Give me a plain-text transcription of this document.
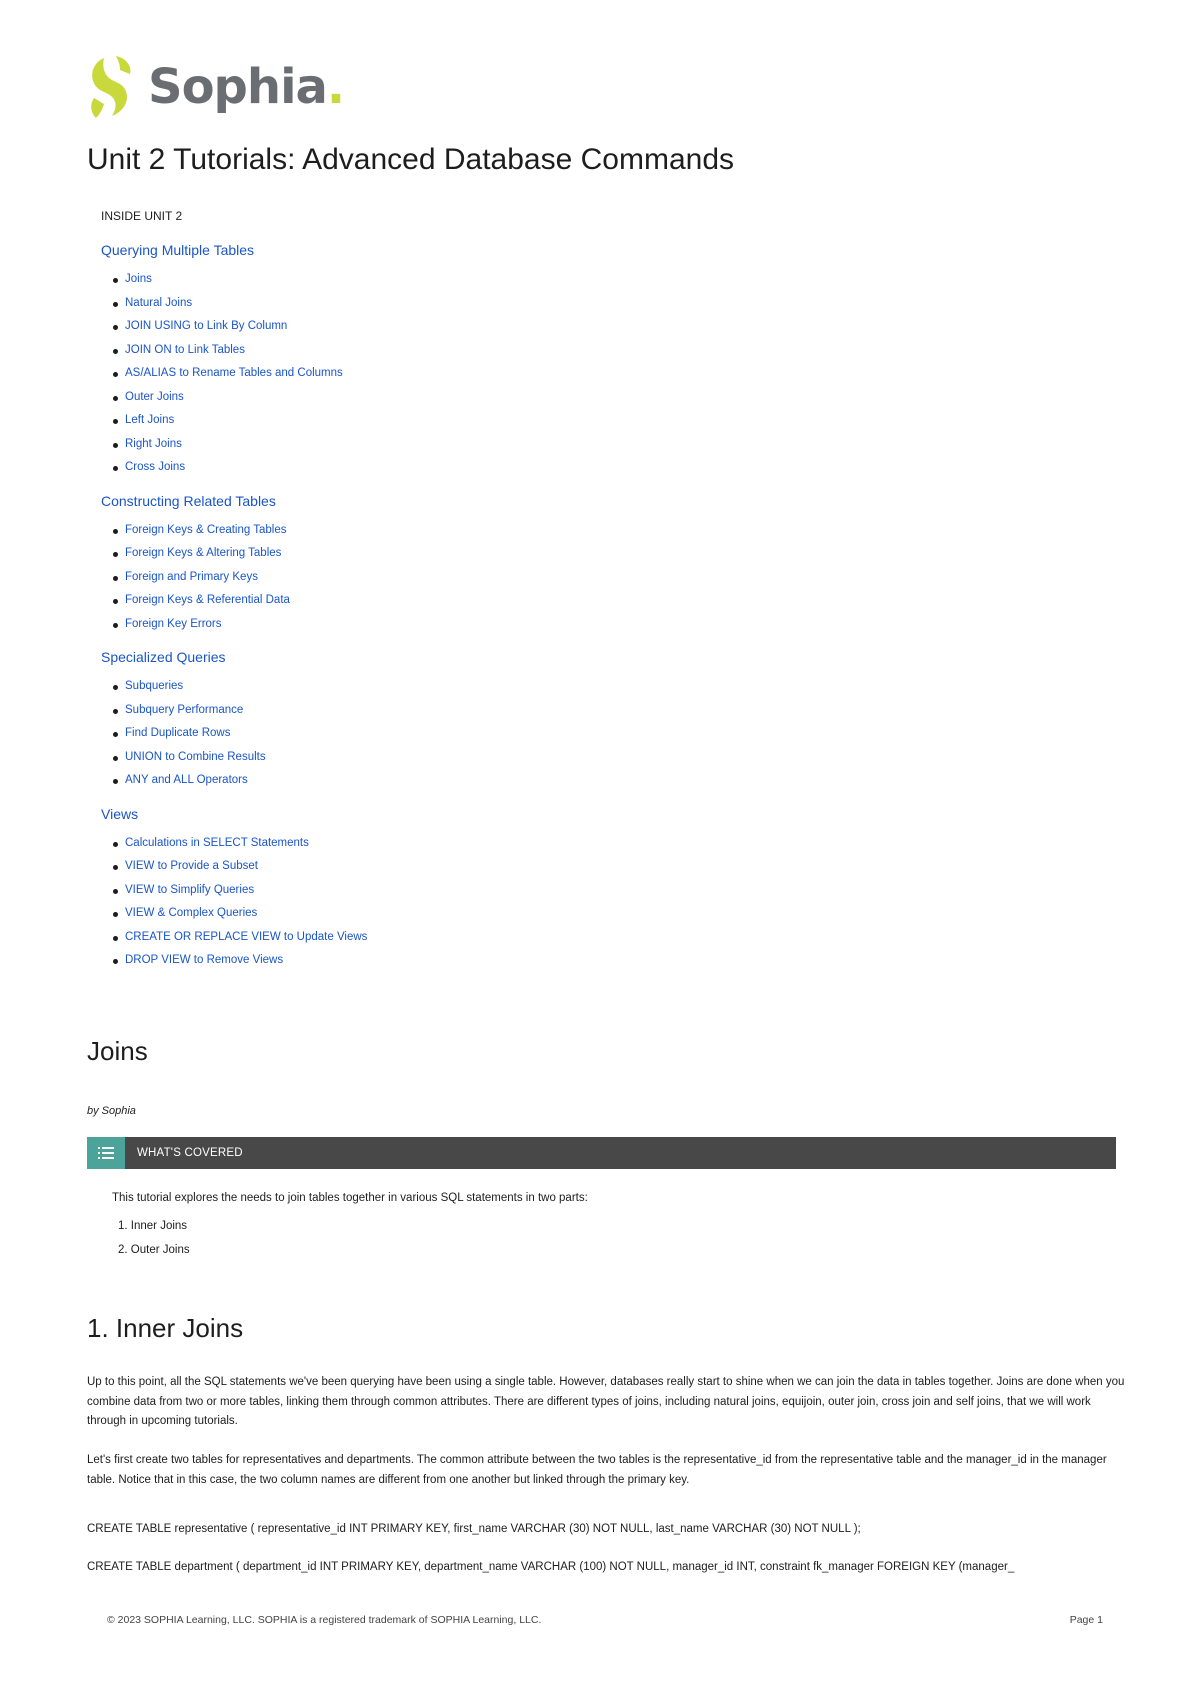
Sophia.
Unit 2 Tutorials: Advanced Database Commands
INSIDE UNIT 2
Querying Multiple Tables
Joins
Natural Joins
JOIN USING to Link By Column
JOIN ON to Link Tables
AS/ALIAS to Rename Tables and Columns
Outer Joins
Left Joins
Right Joins
Cross Joins
Constructing Related Tables
Foreign Keys & Creating Tables
Foreign Keys & Altering Tables
Foreign and Primary Keys
Foreign Keys & Referential Data
Foreign Key Errors
Specialized Queries
Subqueries
Subquery Performance
Find Duplicate Rows
UNION to Combine Results
ANY and ALL Operators
Views
Calculations in SELECT Statements
VIEW to Provide a Subset
VIEW to Simplify Queries
VIEW & Complex Queries
CREATE OR REPLACE VIEW to Update Views
DROP VIEW to Remove Views
Joins
by Sophia
WHAT'S COVERED
This tutorial explores the needs to join tables together in various SQL statements in two parts:
1. Inner Joins
2. Outer Joins
1. Inner Joins

Up to this point, all the SQL statements we've been querying have been using a single table. However, databases really start to shine when we can join the data in tables together. Joins are done when you combine data from two or more tables, linking them through common attributes. There are different types of joins, including natural joins, equijoin, outer join, cross join and self joins, that we will work through in upcoming tutorials.

Let's first create two tables for representatives and departments. The common attribute between the two tables is the representative_id from the representative table and the manager_id in the manager table. Notice that in this case, the two column names are different from one another but linked through the primary key.

CREATE TABLE representative ( representative_id INT PRIMARY KEY, first_name VARCHAR (30) NOT NULL, last_name VARCHAR (30) NOT NULL );
CREATE TABLE department ( department_id INT PRIMARY KEY, department_name VARCHAR (100) NOT NULL, manager_id INT, constraint fk_manager FOREIGN KEY (manager_
© 2023 SOPHIA Learning, LLC. SOPHIA is a registered trademark of SOPHIA Learning, LLC.	Page 1
